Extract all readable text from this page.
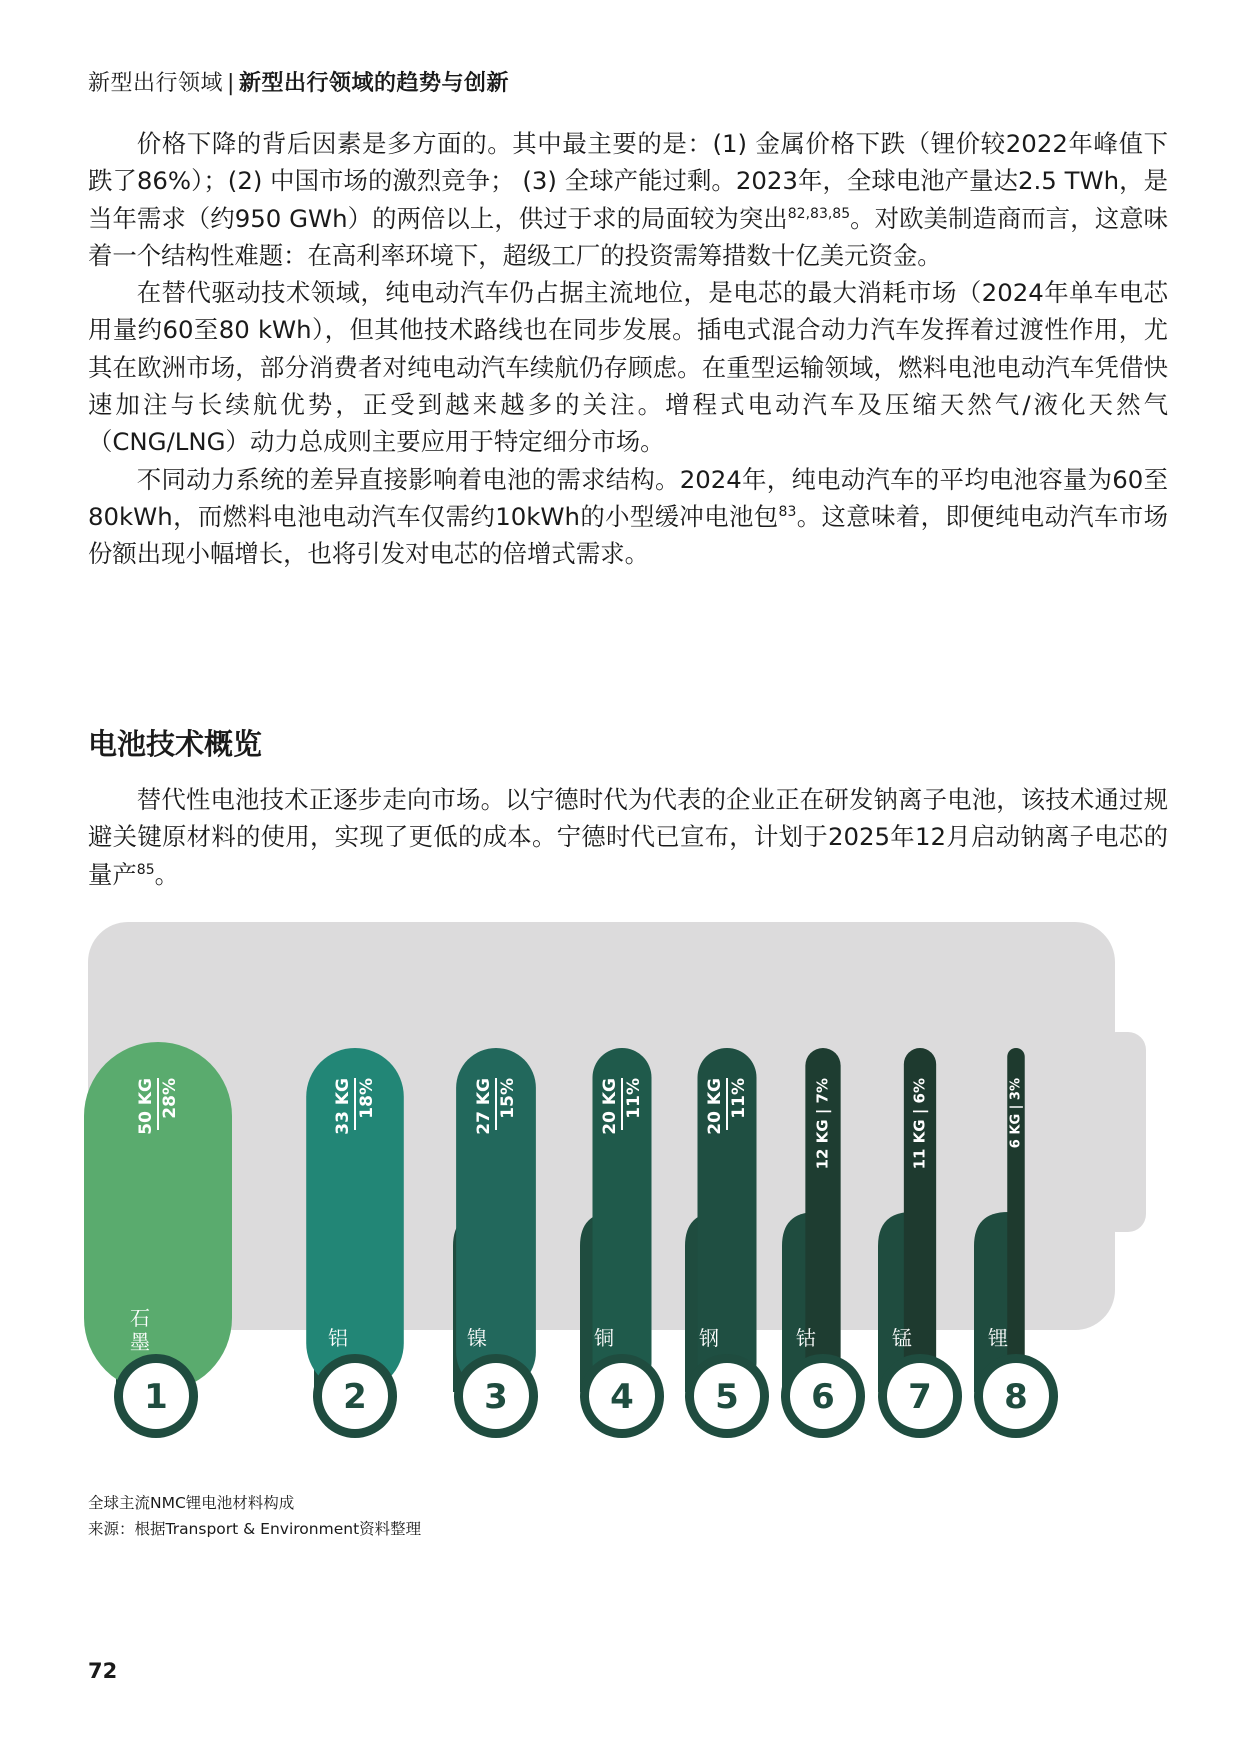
新型出行领域 | 新型出行领域的趋势与创新

价格下降的背后因素是多方面的。其中最主要的是：(1) 金属价格下跌（锂价较2022年峰值下跌了86%）；(2) 中国市场的激烈竞争； (3) 全球产能过剩。2023年，全球电池产量达2.5 TWh，是当年需求（约950 GWh）的两倍以上，供过于求的局面较为突出$^{82,83,85}$。对欧美制造商而言，这意味着一个结构性难题：在高利率环境下，超级工厂的投资需筹措数十亿美元资金。

在替代驱动技术领域，纯电动汽车仍占据主流地位，是电芯的最大消耗市场（2024年单车电芯用量约60至80 kWh），但其他技术路线也在同步发展。插电式混合动力汽车发挥着过渡性作用，尤其在欧洲市场，部分消费者对纯电动汽车续航仍存顾虑。在重型运输领域，燃料电池电动汽车凭借快速加注与长续航优势，正受到越来越多的关注。增程式电动汽车及压缩天然气/液化天然气（CNG/LNG）动力总成则主要应用于特定细分市场。

不同动力系统的差异直接影响着电池的需求结构。2024年，纯电动汽车的平均电池容量为60至80kWh，而燃料电池电动汽车仅需约10kWh的小型缓冲电池包$^{83}$。这意味着，即便纯电动汽车市场份额出现小幅增长，也将引发对电芯的倍增式需求。

电池技术概览

替代性电池技术正逐步走向市场。以宁德时代为代表的企业正在研发钠离子电池，该技术通过规避关键原材料的使用，实现了更低的成本。宁德时代已宣布，计划于2025年12月启动钠离子电芯的量产$^{85}$。

1
石
墨
50 KG 28%
2
铝
33 KG 18%
3
镍
27 KG 15%
4
铜
20 KG 11%
5
钢
20 KG 11%
6
钴
12 KG | 7%
7
锰
11 KG | 6%
8
锂
6 KG | 3%
全球主流NMC锂电池材料构成
来源：根据Transport & Environment资料整理
72
